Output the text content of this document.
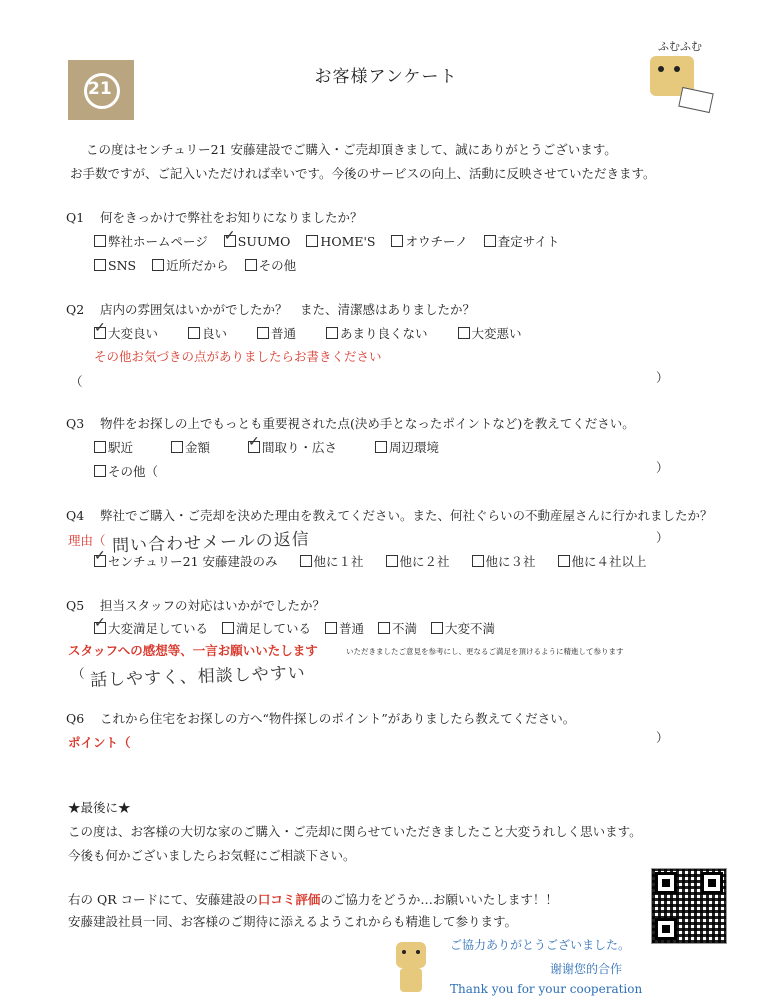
21
お客様アンケート
ふむふむ
この度はセンチュリー21 安藤建設でご購入・ご売却頂きまして、誠にありがとうございます。
お手数ですが、ご記入いただければ幸いです。今後のサービスの向上、活動に反映させていただきます。
Q1 何をきっかけで弊社をお知りになりましたか？
弊社ホームページ ✓ SUUMO HOME'S オウチーノ 査定サイト
SNS 近所だから その他
Q2 店内の雰囲気はいかがでしたか？　また、清潔感はありましたか？
✓大変良い	良い	普通	あまり良くない	大変悪い
その他お気づきの点がありましたらお書きください
（	）
Q3 物件をお探しの上でもっとも重要視された点(決め手となったポイントなど)を教えてください。
駅近	金額 ✓	間取り・広さ	周辺環境
その他（	）
Q4 弊社でご購入・ご売却を決めた理由を教えてください。また、何社ぐらいの不動産屋さんに行かれましたか？
理由（ 問い合わせメールの返信	）
✓センチュリー21 安藤建設のみ	他に１社	他に２社	他に３社	他に４社以上
Q5 担当スタッフの対応はいかがでしたか？
✓大変満足している 満足している 普通 不満 大変不満
スタッフへの感想等、一言お願いいたします	いただきましたご意見を参考にし、更なるご満足を頂けるように精進して参ります
（ 話しやすく、相談しやすい
Q6 これから住宅をお探しの方へ“物件探しのポイント”がありましたら教えてください。
ポイント（	）
★最後に★
この度は、お客様の大切な家のご購入・ご売却に関らせていただきましたこと大変うれしく思います。
今後も何かございましたらお気軽にご相談下さい。
右の QR コードにて、安藤建設の口コミ評価のご協力をどうか…お願いいたします！！
安藤建設社員一同、お客様のご期待に添えるようこれからも精進して参ります。
ご協力ありがとうございました。
谢谢您的合作
Thank you for your cooperation
